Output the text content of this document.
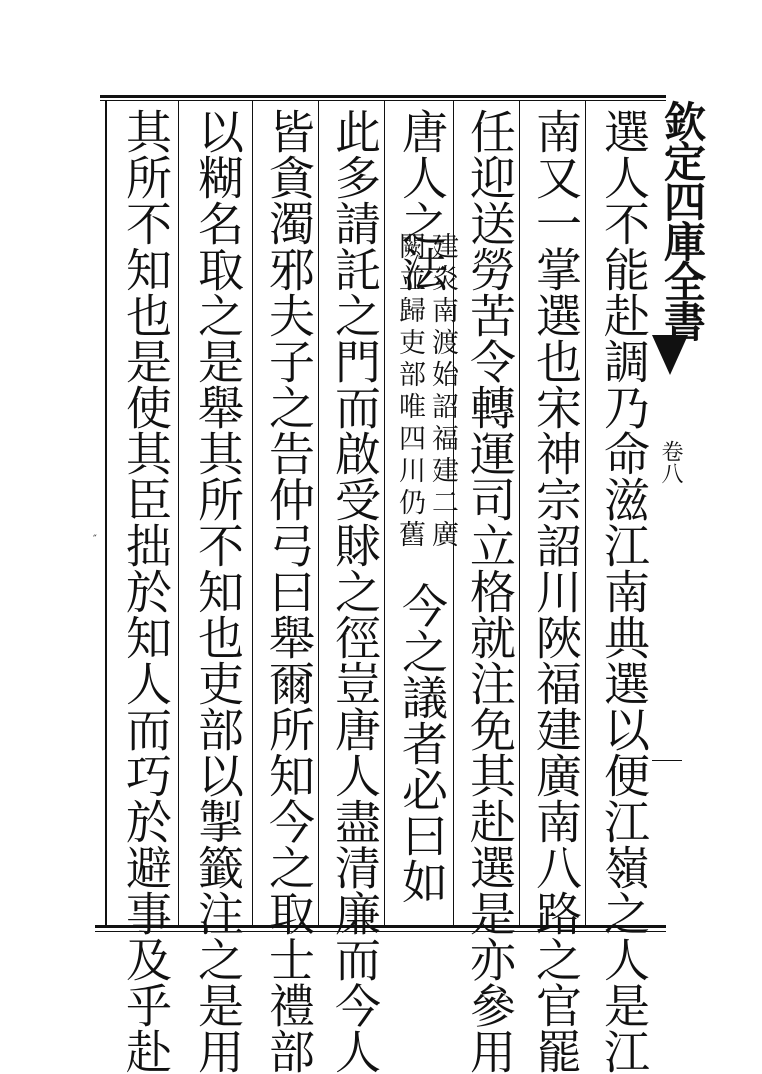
欽定四庫全書
卷八
˝	選人不能赴調乃命滋江南典選以便江嶺之人是江
南又一掌選也宋神宗詔川陜福建廣南八路之官罷
任迎送勞苦令轉運司立格就注免其赴選是亦參用
唐人之法
建炎南渡始詔福建二廣
闕並歸吏部唯四川仍舊
今之議者必曰如
此多請託之門而啟受賕之徑豈唐人盡清廉而今人
皆貪濁邪夫子之告仲弓曰舉爾所知今之取士禮部
以糊名取之是舉其所不知也吏部以掣籤注之是用
其所不知也是使其臣拙於知人而巧於避事及乎赴
